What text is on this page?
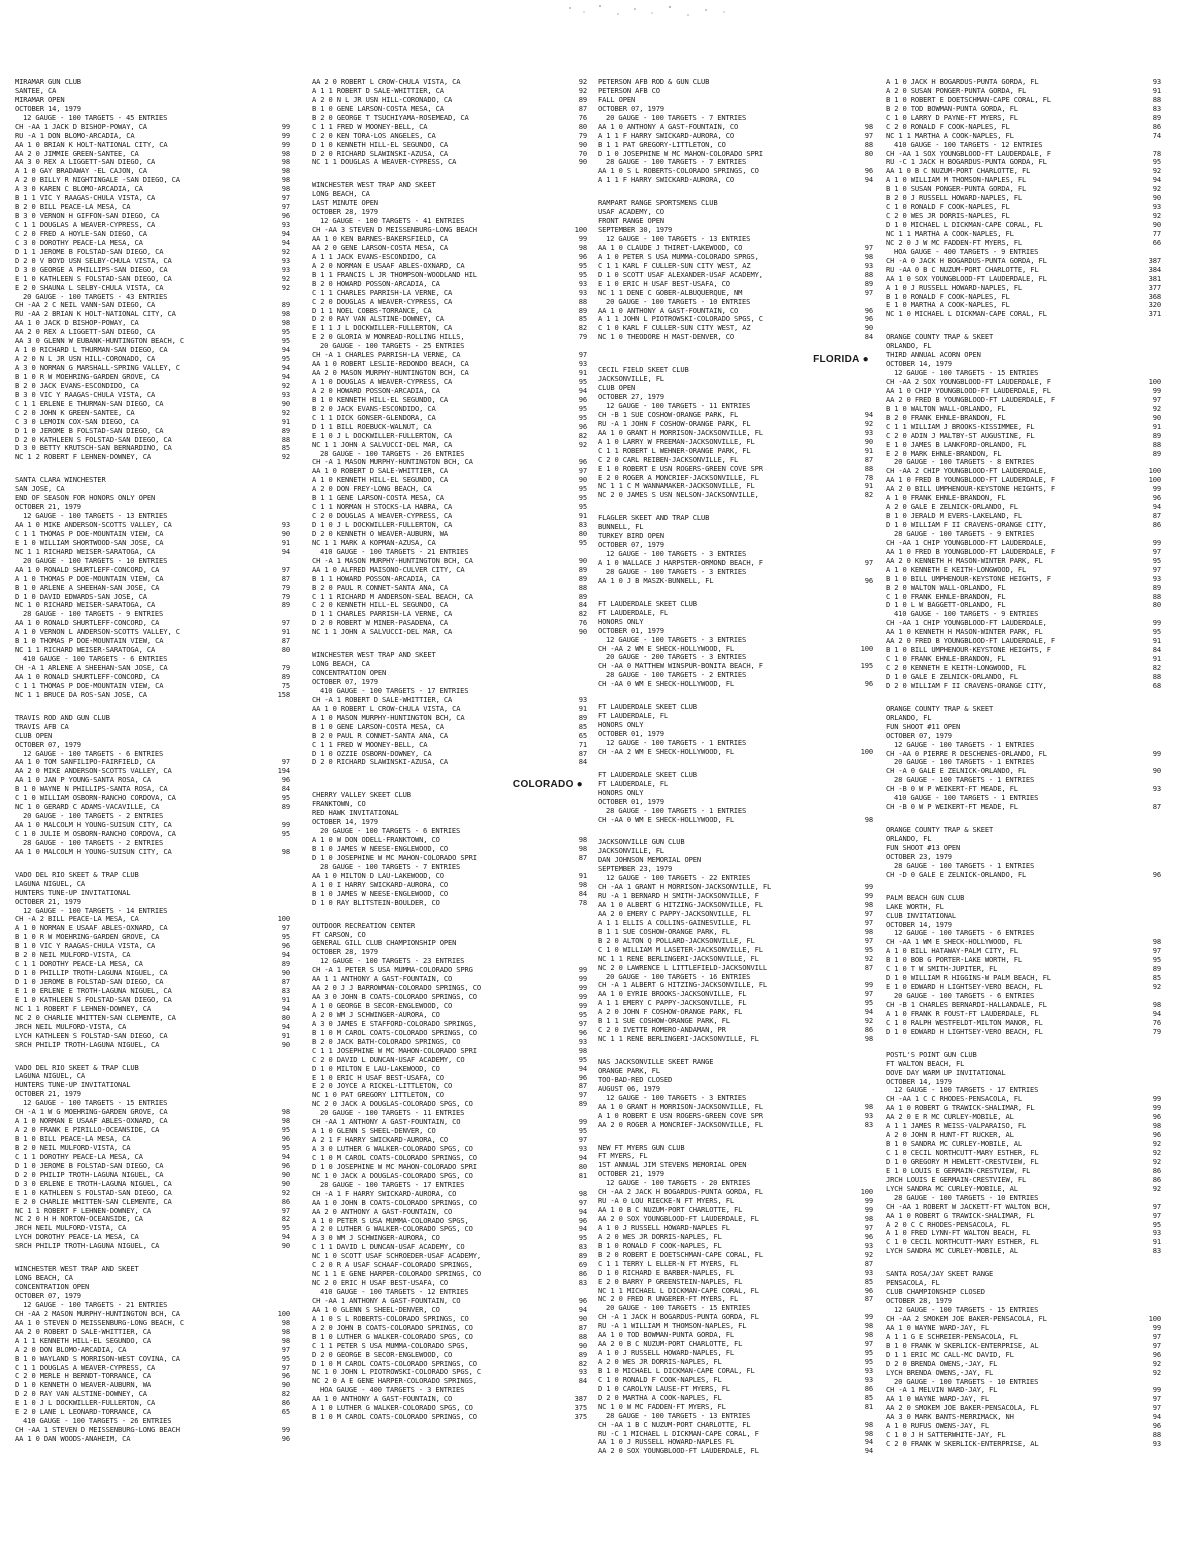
MIRAMAR GUN CLUB
SANTEE, CA
MIRAMAR OPEN
OCTOBER 14, 1979
12 GAUGE - 100 TARGETS - 45 ENTRIES
CH -AA 1 JACK D BISHOP-POWAY, CA	99
RU -A 1 DON BLOMO-ARCADIA, CA	99
AA 1 0 BRIAN K HOLT-NATIONAL CITY, CA	99
AA 2 0 JIMMIE GREEN-SANTEE, CA	98
AA 3 0 REX A LIGGETT-SAN DIEGO, CA	98
A 1 0 GAY BRADAWAY -EL CAJON, CA	98
A 2 0 BILLY R NIGHTINGALE -SAN DIEGO, CA	98
A 3 0 KAREN C BLOMO-ARCADIA, CA	98
B 1 1 VIC Y RAAGAS-CHULA VISTA, CA	97
B 2 0 BILL PEACE-LA MESA, CA	97
B 3 0 VERNON H GIFFON-SAN DIEGO, CA	96
C 1 1 DOUGLAS A WEAVER-CYPRESS, CA	93
C 2 0 FRED A HOYLE-SAN DIEGO, CA	94
C 3 0 DOROTHY PEACE-LA MESA, CA	94
D 1 1 JEROME B FOLSTAD-SAN DIEGO, CA	92
D 2 0 V BOYD USN SELBY-CHULA VISTA, CA	93
D 3 0 GEORGE A PHILLIPS-SAN DIEGO, CA	93
E 1 0 KATHLEEN S FOLSTAD-SAN DIEGO, CA	92
E 2 0 SHAUNA L SELBY-CHULA VISTA, CA	92
20 GAUGE - 100 TARGETS - 43 ENTRIES
CH -AA 2 C NEIL VANN-SAN DIEGO, CA	89
RU -AA 2 BRIAN K HOLT-NATIONAL CITY, CA	98
AA 1 0 JACK D BISHOP-POWAY, CA	98
AA 2 0 REX A LIGGETT-SAN DIEGO, CA	95
AA 3 0 GLENN W EUBANK-HUNTINGTON BEACH, C	95
A 1 0 RICHARD L THURMAN-SAN DIEGO, CA	94
A 2 0 N L JR USN HILL-CORONADO, CA	95
A 3 0 NORMAN G MARSHALL-SPRING VALLEY, C	94
B 1 0 R W MOEHRING-GARDEN GROVE, CA	94
B 2 0 JACK EVANS-ESCONDIDO, CA	92
B 3 0 VIC Y RAAGAS-CHULA VISTA, CA	93
C 1 1 ERLENE E THURMAN-SAN DIEGO, CA	90
C 2 0 JOHN K GREEN-SANTEE, CA	92
C 3 0 LEMOIN COX-SAN DIEGO, CA	91
D 1 0 JEROME B FOLSTAD-SAN DIEGO, CA	89
D 2 0 KATHLEEN S FOLSTAD-SAN DIEGO, CA	88
D 3 0 BETTY KRUTSCH-SAN BERNARDINO, CA	85
NC 1 2 ROBERT F LEHNEN-DOWNEY, CA	92
SANTA CLARA WINCHESTER
SAN JOSE, CA
END OF SEASON FOR HONORS ONLY OPEN
OCTOBER 21, 1979
12 GAUGE - 100 TARGETS - 13 ENTRIES
AA 1 0 MIKE ANDERSON-SCOTTS VALLEY, CA	93
C 1 1 THOMAS P DOE-MOUNTAIN VIEW, CA	90
E 1 0 WILLIAM SHORTWOOD-SAN JOSE, CA	91
NC 1 1 RICHARD WEISER-SARATOGA, CA	94
20 GAUGE - 100 TARGETS - 10 ENTRIES
AA 1 0 RONALD SHURTLEFF-CONCORD, CA	97
A 1 0 THOMAS P DOE-MOUNTAIN VIEW, CA	87
B 1 0 ARLENE A SHEEHAN-SAN JOSE, CA	79
D 1 0 DAVID EDWARDS-SAN JOSE, CA	79
NC 1 0 RICHARD WEISER-SARATOGA, CA	89
28 GAUGE - 100 TARGETS - 9 ENTRIES
AA 1 0 RONALD SHURTLEFF-CONCORD, CA	97
A 1 0 VERNON L ANDERSON-SCOTTS VALLEY, C	91
B 1 0 THOMAS P DOE-MOUNTAIN VIEW, CA	87
NC 1 1 RICHARD WEISER-SARATOGA, CA	80
410 GAUGE - 100 TARGETS - 6 ENTRIES
CH -A 1 ARLENE A SHEEHAN-SAN JOSE, CA	79
AA 1 0 RONALD SHURTLEFF-CONCORD, CA	89
C 1 1 THOMAS P DOE-MOUNTAIN VIEW, CA	75
NC 1 1 BRUCE DA ROS-SAN JOSE, CA	158
TRAVIS ROD AND GUN CLUB
TRAVIS AFB CA
CLUB OPEN
OCTOBER 07, 1979
12 GAUGE - 100 TARGETS - 6 ENTRIES
AA 1 0 TOM SANFILIPO-FAIRFIELD, CA	97
AA 2 0 MIKE ANDERSON-SCOTTS VALLEY, CA	194
AA 1 0 JAN P YOUNG-SANTA ROSA, CA	96
B 1 0 WAYNE N PHILLIPS-SANTA ROSA, CA	84
C 1 0 WILLIAM OSBORN-RANCHO CORDOVA, CA	95
NC 1 0 GERARD C ADAMS-VACAVILLE, CA	89
20 GAUGE - 100 TARGETS - 2 ENTRIES
AA 1 0 MALCOLM H YOUNG-SUISUN CITY, CA	99
C 1 0 JULIE M OSBORN-RANCHO CORDOVA, CA	95
28 GAUGE - 100 TARGETS - 2 ENTRIES
AA 1 0 MALCOLM H YOUNG-SUISUN CITY, CA	98
VADO DEL RIO SKEET & TRAP CLUB
LAGUNA NIGUEL, CA
HUNTERS TUNE-UP INVITATIONAL
OCTOBER 21, 1979
12 GAUGE - 100 TARGETS - 14 ENTRIES
CH -A 2 BILL PEACE-LA MESA, CA	100
A 1 0 NORMAN E USAAF ABLES-OXNARD, CA	97
B 1 0 R W MOEHRING-GARDEN GROVE, CA	95
B 1 0 VIC Y RAAGAS-CHULA VISTA, CA	96
B 2 0 NEIL MULFORD-VISTA, CA	94
C 1 1 DOROTHY PEACE-LA MESA, CA	89
D 1 0 PHILLIP TROTH-LAGUNA NIGUEL, CA	90
D 1 0 JEROME B FOLSTAD-SAN DIEGO, CA	87
E 1 0 ERLENE E TROTH-LAGUNA NIGUEL, CA	83
E 1 0 KATHLEEN S FOLSTAD-SAN DIEGO, CA	91
NC 1 1 ROBERT F LEHNEN-DOWNEY, CA	94
NC 2 0 CHARLIE WHITTEN-SAN CLEMENTE, CA	80
JRCH NEIL MULFORD-VISTA, CA	94
LYCH KATHLEEN S FOLSTAD-SAN DIEGO, CA	91
SRCH PHILIP TROTH-LAGUNA NIGUEL, CA	90
VADO DEL RIO SKEET & TRAP CLUB
LAGUNA NIGUEL, CA
HUNTERS TUNE-UP INVITATIONAL
OCTOBER 21, 1979
12 GAUGE - 100 TARGETS - 15 ENTRIES
CH -A 1 W G MOEHRING-GARDEN GROVE, CA	98
A 1 0 NORMAN E USAAF ABLES-OXNARD, CA	98
A 2 0 FRANK E PIRILLO-OCEANSIDE, CA	95
B 1 0 BILL PEACE-LA MESA, CA	96
B 2 0 NEIL MULFORD-VISTA, CA	95
C 1 1 DOROTHY PEACE-LA MESA, CA	94
D 1 0 JEROME B FOLSTAD-SAN DIEGO, CA	96
D 2 0 PHILIP TROTH-LAGUNA NIGUEL, CA	90
D 3 0 ERLENE E TROTH-LAGUNA NIGUEL, CA	90
E 1 0 KATHLEEN S FOLSTAD-SAN DIEGO, CA	92
E 2 0 CHARLIE WHITTEN-SAN CLEMENTE, CA	86
NC 1 1 ROBERT F LEHNEN-DOWNEY, CA	97
NC 2 0 H H NORTON-OCEANSIDE, CA	82
JRCH NEIL MULFORD-VISTA, CA	95
LYCH DOROTHY PEACE-LA MESA, CA	94
SRCH PHILIP TROTH-LAGUNA NIGUEL, CA	90
WINCHESTER WEST TRAP AND SKEET
LONG BEACH, CA
CONCENTRATION OPEN
OCTOBER 07, 1979
12 GAUGE - 100 TARGETS - 21 ENTRIES
CH -AA 2 MASON MURPHY-HUNTINGTON BCH, CA	100
AA 1 0 STEVEN D MEISSENBURG-LONG BEACH, C	98
AA 2 0 ROBERT D SALE-WHITTIER, CA	98
A 1 1 KENNETH HILL-EL SEGUNDO, CA	98
A 2 0 DON BLOMO-ARCADIA, CA	97
B 1 0 WAYLAND S MORRISON-WEST COVINA, CA	95
C 1 1 DOUGLAS A WEAVER-CYPRESS, CA	97
C 2 0 MERLE H BERNDT-TORRANCE, CA	96
D 1 0 KENNETH O WEAVER-AUBURN, WA	90
D 2 0 RAY VAN ALSTINE-DOWNEY, CA	82
E 1 0 J L DOCKWILLER-FULLERTON, CA	86
E 2 0 LANE L LEONARD-TORRANCE, CA	65
410 GAUGE - 100 TARGETS - 26 ENTRIES
CH -AA 1 STEVEN D MEISSENBURG-LONG BEACH	99
AA 1 0 DAN WOODS-ANAHEIM, CA	96
AA 2 0 ROBERT L CROW-CHULA VISTA, CA	92
A 1 1 ROBERT D SALE-WHITTIER, CA	92
A 2 0 N L JR USN HILL-CORONADO, CA	89
B 1 0 GENE LARSON-COSTA MESA, CA	87
B 2 0 GEORGE T TSUCHIYAMA-ROSEMEAD, CA	76
C 1 1 FRED W MOONEY-BELL, CA	80
C 2 0 KEN TORA-LOS ANGELES, CA	79
D 1 0 KENNETH HILL-EL SEGUNDO, CA	90
D 2 0 RICHARD SLAWINSKI-AZUSA, CA	70
NC 1 1 DOUGLAS A WEAVER-CYPRESS, CA	90
WINCHESTER WEST TRAP AND SKEET
LONG BEACH, CA
LAST MINUTE OPEN
OCTOBER 28, 1979
12 GAUGE - 100 TARGETS - 41 ENTRIES
CH -AA 3 STEVEN D MEISSENBURG-LONG BEACH	100
AA 1 0 KEN BARNES-BAKERSFIELD, CA	99
AA 2 0 GENE LARSON-COSTA MESA, CA	98
A 1 1 JACK EVANS-ESCONDIDO, CA	96
A 2 0 NORMAN E USAAF ABLES-OXNARD, CA	95
B 1 1 FRANCIS L JR THOMPSON-WOODLAND HIL	95
B 2 0 HOWARD POSSON-ARCADIA, CA	93
C 1 1 CHARLES PARRISH-LA VERNE, CA	93
C 2 0 DOUGLAS A WEAVER-CYPRESS, CA	88
D 1 1 NOEL COBBS-TORRANCE, CA	89
D 2 0 RAY VAN ALSTINE-DOWNEY, CA	85
E 1 1 J L DOCKWILLER-FULLERTON, CA	82
E 2 0 GLORIA W MONREAD-ROLLING HILLS,	79
20 GAUGE - 100 TARGETS - 25 ENTRIES
CH -A 1 CHARLES PARRISH-LA VERNE, CA	97
AA 1 0 ROBERT LESLIE-REDONDO BEACH, CA	93
AA 2 0 MASON MURPHY-HUNTINGTON BCH, CA	91
A 1 0 DOUGLAS A WEAVER-CYPRESS, CA	95
A 2 0 HOWARD POSSON-ARCADIA, CA	94
B 1 0 KENNETH HILL-EL SEGUNDO, CA	96
B 2 0 JACK EVANS-ESCONDIDO, CA	95
C 1 1 DICK GONSER-GLENDORA, CA	95
D 1 1 BILL ROEBUCK-WALNUT, CA	96
E 1 0 J L DOCKWILLER-FULLERTON, CA	82
NC 1 1 JOHN A SALVUCCI-DEL MAR, CA	92
28 GAUGE - 100 TARGETS - 26 ENTRIES
CH -A 1 MASON MURPHY-HUNTINGTON BCH, CA	96
AA 1 0 ROBERT D SALE-WHITTIER, CA	97
A 1 0 KENNETH HILL-EL SEGUNDO, CA	90
A 2 0 DON FREY-LONG BEACH, CA	95
B 1 1 GENE LARSON-COSTA MESA, CA	95
C 1 1 NORMAN H STOCKS-LA HABRA, CA	95
C 2 0 DOUGLAS A WEAVER-CYPRESS, CA	91
D 1 0 J L DOCKWILLER-FULLERTON, CA	83
D 2 0 KENNETH O WEAVER-AUBURN, WA	80
NC 1 1 MARK A KOPMAN-AZUSA, CA	95
410 GAUGE - 100 TARGETS - 21 ENTRIES
CH -A 1 MASON MURPHY-HUNTINGTON BCH, CA	90
AA 1 0 ALFRED MAISONO-CULVER CITY, CA	89
B 1 1 HOWARD POSSON-ARCADIA, CA	89
B 2 0 PAUL R CONNET-SANTA ANA, CA	88
C 1 1 RICHARD M ANDERSON-SEAL BEACH, CA	89
C 2 0 KENNETH HILL-EL SEGUNDO, CA	84
D 1 1 CHARLES PARRISH-LA VERNE, CA	82
D 2 0 ROBERT W MINER-PASADENA, CA	76
NC 1 1 JOHN A SALVUCCI-DEL MAR, CA	90
WINCHESTER WEST TRAP AND SKEET
LONG BEACH, CA
CONCENTRATION OPEN
OCTOBER 07, 1979
410 GAUGE - 100 TARGETS - 17 ENTRIES
CH -A 1 ROBERT D SALE-WHITTIER, CA	93
AA 1 0 ROBERT L CROW-CHULA VISTA, CA	91
A 1 0 MASON MURPHY-HUNTINGTON BCH, CA	89
B 1 0 GENE LARSON-COSTA MESA, CA	85
B 2 0 PAUL R CONNET-SANTA ANA, CA	65
C 1 1 FRED W MOONEY-BELL, CA	71
D 1 0 OZZIE OSBORN-DOWNEY, CA	87
D 2 0 RICHARD SLAWINSKI-AZUSA, CA	84
COLORADO ●
CHERRY VALLEY SKEET CLUB
FRANKTOWN, CO
RED HAWK INVITATIONAL
OCTOBER 14, 1979
20 GAUGE - 100 TARGETS - 6 ENTRIES
A 1 0 W DON ODELL-FRANKTOWN, CO	98
B 1 0 JAMES W NEESE-ENGLEWOOD, CO	98
D 1 0 JOSEPHINE W MC MAHON-COLORADO SPRI	87
28 GAUGE - 100 TARGETS - 7 ENTRIES
AA 1 0 MILTON D LAU-LAKEWOOD, CO	91
A 1 0 I HARRY SWICKARD-AURORA, CO	98
B 1 0 JAMES W NEESE-ENGLEWOOD, CO	84
D 1 0 RAY BLITSTEIN-BOULDER, CO	78
OUTDOOR RECREATION CENTER
FT CARSON, CO
GENERAL GILL CLUB CHAMPIONSHIP OPEN
OCTOBER 28, 1979
12 GAUGE - 100 TARGETS - 23 ENTRIES
CH -A 1 PETER S USA MUMMA-COLORADO SPRG	99
AA 1 1 ANTHONY A GAST-FOUNTAIN, CO	99
AA 2 0 J J BARROWMAN-COLORADO SPRINGS, CO	99
AA 3 0 JOHN B COATS-COLORADO SPRINGS, CO	99
A 1 0 GEORGE B SECOR-ENGLEWOOD, CO	99
A 2 0 WM J SCHWINGER-AURORA, CO	95
A 3 0 JAMES E STAFFORD-COLORADO SPRINGS,	97
B 1 0 M CAROL COATS-COLORADO SPRINGS, CO	96
B 2 0 JACK BATH-COLORADO SPRINGS, CO	93
C 1 1 JOSEPHINE W MC MAHON-COLORADO SPRI	98
C 2 0 DAVID L DUNCAN-USAF ACADEMY, CO	95
D 1 0 MILTON E LAU-LAKEWOOD, CO	94
E 1 0 ERIC H USAF BEST-USAFA, CO	96
E 2 0 JOYCE A RICKEL-LITTLETON, CO	87
NC 1 0 PAT GREGORY LITTLETON, CO	97
NC 2 0 JACK A DOUGLAS-COLORADO SPGS, CO	89
20 GAUGE - 100 TARGETS - 11 ENTRIES
CH -AA 1 ANTHONY A GAST-FOUNTAIN, CO	99
A 1 0 GLENN S SHEEL-DENVER, CO	95
A 2 1 F HARRY SWICKARD-AURORA, CO	97
A 3 0 LUTHER G WALKER-COLORADO SPGS, CO	93
C 1 0 M CAROL COATS-COLORADO SPRINGS, CO	94
D 1 0 JOSEPHINE W MC MAHON-COLORADO SPRI	80
NC 1 0 JACK A DOUGLAS-COLORADO SPGS, CO	81
28 GAUGE - 100 TARGETS - 17 ENTRIES
CH -A 1 F HARRY SWICKARD-AURORA, CO	98
AA 1 0 JOHN B COATS-COLORADO SPRINGS, CO	97
AA 2 0 ANTHONY A GAST-FOUNTAIN, CO	94
A 1 0 PETER S USA MUMMA-COLORADO SPGS,	96
A 2 0 LUTHER G WALKER-COLORADO SPGS, CO	94
A 3 0 WM J SCHWINGER-AURORA, CO	95
C 1 1 DAVID L DUNCAN-USAF ACADEMY, CO	83
NC 1 0 SCOTT USAF SCHROEDER-USAF ACADEMY,	89
C 2 0 R A USAF SCHAAF-COLORADO SPRINGS,	69
NC 1 1 E GENE HARPER-COLORADO SPRINGS, CO	86
NC 2 0 ERIC H USAF BEST-USAFA, CO	83
410 GAUGE - 100 TARGETS - 12 ENTRIES
CH -AA 1 ANTHONY A GAST-FOUNTAIN, CO	96
AA 1 0 GLENN S SHEEL-DENVER, CO	94
A 1 0 S L ROBERTS-COLORADO SPRINGS, CO	90
A 2 0 JOHN B COATS-COLORADO SPRINGS, CO	87
B 1 0 LUTHER G WALKER-COLORADO SPGS, CO	88
C 1 1 PETER S USA MUMMA-COLORADO SPGS,	90
D 2 0 GEORGE B SECOR-ENGLEWOOD, CO	89
D 1 0 M CAROL COATS-COLORADO SPRINGS, CO	82
NC 1 0 JOHN L PIOTROWSKI-COLORADO SPGS, C	93
NC 2 0 A E GENE HARPER-COLORADO SPRINGS,	84
HOA GAUGE - 400 TARGETS - 3 ENTRIES
AA 1 0 ANTHONY A GAST-FOUNTAIN, CO	387
A 1 0 LUTHER G WALKER-COLORADO SPGS, CO	375
B 1 0 M CAROL COATS-COLORADO SPRINGS, CO	375
PETERSON AFB ROD & GUN CLUB
PETERSON AFB CO
FALL OPEN
OCTOBER 07, 1979
20 GAUGE - 100 TARGETS - 7 ENTRIES
AA 1 0 ANTHONY A GAST-FOUNTAIN, CO	98
A 1 1 F HARRY SWICKARD-AURORA, CO	97
B 1 1 PAT GREGORY-LITTLETON, CO	88
D 1 0 JOSEPHINE W MC MAHON-COLORADO SPRI	80
28 GAUGE - 100 TARGETS - 7 ENTRIES
AA 1 0 S L ROBERTS-COLORADO SPRINGS, CO	96
A 1 1 F HARRY SWICKARD-AURORA, CO	94
RAMPART RANGE SPORTSMENS CLUB
USAF ACADEMY, CO
FRONT RANGE OPEN
SEPTEMBER 30, 1979
12 GAUGE - 100 TARGETS - 13 ENTRIES
AA 1 0 CLAUDE J THIRET-LAKEWOOD, CO	97
A 1 0 PETER S USA MUMMA-COLORADO SPRGS,	98
C 1 1 KARL F CULLER-SUN CITY WEST, AZ	93
D 1 0 SCOTT USAF ALEXANDER-USAF ACADEMY,	88
E 1 0 ERIC H USAF BEST-USAFA, CO	89
NC 1 1 DENE C GOBER-ALBUQUERQUE, NM	97
20 GAUGE - 100 TARGETS - 10 ENTRIES
AA 1 0 ANTHONY A GAST-FOUNTAIN, CO	96
A 1 1 JOHN L PIOTROWSKI-COLORADO SPGS, C	96
C 1 0 KARL F CULLER-SUN CITY WEST, AZ	90
NC 1 0 THEODORE H MAST-DENVER, CO	84
FLORIDA ●
CECIL FIELD SKEET CLUB
JACKSONVILLE, FL
CLUB OPEN
OCTOBER 27, 1979
12 GAUGE - 100 TARGETS - 11 ENTRIES
CH -B 1 SUE COSHOW-ORANGE PARK, FL	94
RU -A 1 JOHN F COSHOW-ORANGE PARK, FL	92
AA 1 0 GRANT H MORRISON-JACKSONVILLE, FL	93
A 1 0 LARRY W FREEMAN-JACKSONVILLE, FL	90
C 1 1 ROBERT L WEHNER-ORANGE PARK, FL	91
C 2 0 CARL REIBEN-JACKSONVILLE, FL	87
E 1 0 ROBERT E USN ROGERS-GREEN COVE SPR	88
E 2 0 ROGER A MONCRIEF-JACKSONVILLE, FL	78
NC 1 1 C M WANNAMAKER-JACKSONVILLE, FL	91
NC 2 0 JAMES S USN NELSON-JACKSONVILLE,	82
FLAGLER SKEET AND TRAP CLUB
BUNNELL, FL
TURKEY BIRD OPEN
OCTOBER 07, 1979
12 GAUGE - 100 TARGETS - 3 ENTRIES
A 1 0 WALLACE J HARPSTER-ORMOND BEACH, F	97
28 GAUGE - 100 TARGETS - 3 ENTRIES
AA 1 0 J B MASZK-BUNNELL, FL	96
FT LAUDERDALE SKEET CLUB
FT LAUDERDALE, FL
HONORS ONLY
OCTOBER 01, 1979
12 GAUGE - 100 TARGETS - 3 ENTRIES
CH -AA 2 WM E SHECK-HOLLYWOOD, FL	100
20 GAUGE - 200 TARGETS - 3 ENTRIES
CH -AA 0 MATTHEW WINSPUR-BONITA BEACH, F	195
28 GAUGE - 100 TARGETS - 2 ENTRIES
CH -AA 0 WM E SHECK-HOLLYWOOD, FL	96
FT LAUDERDALE SKEET CLUB
FT LAUDERDALE, FL
HONORS ONLY
OCTOBER 01, 1979
12 GAUGE - 100 TARGETS - 1 ENTRIES
CH -AA 2 WM E SHECK-HOLLYWOOD, FL	100
FT LAUDERDALE SKEET CLUB
FT LAUDERDALE, FL
HONORS ONLY
OCTOBER 01, 1979
28 GAUGE - 100 TARGETS - 1 ENTRIES
CH -AA 0 WM E SHECK-HOLLYWOOD, FL	98
JACKSONVILLE GUN CLUB
JACKSONVILLE, FL
DAN JOHNSON MEMORIAL OPEN
SEPTEMBER 23, 1979
12 GAUGE - 100 TARGETS - 22 ENTRIES
CH -AA 1 GRANT H MORRISON-JACKSONVILLE, FL	99
RU -A 1 BERNARD H SMITH-JACKSONVILLE, F	99
AA 1 0 ALBERT G HITZING-JACKSONVILLE, FL	98
AA 2 0 EMERY C PAPPY-JACKSONVILLE, FL	97
A 1 1 ELLIS A COLLINS-GAINESVILLE, FL	97
B 1 1 SUE COSHOW-ORANGE PARK, FL	98
B 2 0 ALTON Q POLLARD-JACKSONVILLE, FL	97
C 1 0 WILLIAM M LASETER-JACKSONVILLE, FL	95
NC 1 1 RENE BERLINGERI-JACKSONVILLE, FL	92
NC 2 0 LAWRENCE L LITTLEFIELD-JACKSONVILL	87
20 GAUGE - 100 TARGETS - 16 ENTRIES
CH -A 1 ALBERT G HITZING-JACKSONVILLE, FL	99
AA 1 0 EYRIE BROOKS-JACKSONVILLE, FL	97
A 1 1 EMERY C PAPPY-JACKSONVILLE, FL	95
A 2 0 JOHN F COSHOW-ORANGE PARK, FL	94
B 1 1 SUE COSHOW-ORANGE PARK, FL	92
C 2 0 IVETTE ROMERO-ANDAMAN, PR	86
NC 1 1 RENE BERLINGERI-JACKSONVILLE, FL	98
NAS JACKSONVILLE SKEET RANGE
ORANGE PARK, FL
TOO-BAD-RED CLOSED
AUGUST 06, 1979
12 GAUGE - 100 TARGETS - 3 ENTRIES
AA 1 0 GRANT H MORRISON-JACKSONVILLE, FL	98
A 1 0 ROBERT E USN ROGERS-GREEN COVE SPR	93
AA 2 0 ROGER A MONCRIEF-JACKSONVILLE, FL	83
NEW FT MYERS GUN CLUB
FT MYERS, FL
1ST ANNUAL JIM STEVENS MEMORIAL OPEN
OCTOBER 21, 1979
12 GAUGE - 100 TARGETS - 20 ENTRIES
CH -AA 2 JACK H BOGARDUS-PUNTA GORDA, FL	100
RU -A 0 LOU RIECKE-N FT MYERS, FL	99
AA 1 0 B C NUZUM-PORT CHARLOTTE, FL	99
AA 2 0 SOX YOUNGBLOOD-FT LAUDERDALE, FL	98
A 1 0 J RUSSELL HOWARD-NAPLES FL	97
A 2 0 WES JR DORRIS-NAPLES, FL	96
B 1 0 RONALD F COOK-NAPLES, FL	93
B 2 0 ROBERT E DOETSCHMAN-CAPE CORAL, FL	92
C 1 1 TERRY L ELLER-N FT MYERS, FL	87
D 1 0 RICHARD E BARBER-NAPLES, FL	93
E 2 0 BARRY P GREENSTEIN-NAPLES, FL	85
NC 1 1 MICHAEL L DICKMAN-CAPE CORAL, FL	96
NC 2 0 FRED R UNGERER-FT MYERS, FL	87
20 GAUGE - 100 TARGETS - 15 ENTRIES
CH -A 1 JACK H BOGARDUS-PUNTA GORDA, FL	99
RU -A 1 WILLIAM M THOMSON-NAPLES, FL	98
AA 1 0 TOD BOWMAN-PUNTA GORDA, FL	98
AA 2 0 B C NUZUM-PORT CHARLOTTE, FL	97
A 1 0 J RUSSELL HOWARD-NAPLES, FL	95
A 2 0 WES JR DORRIS-NAPLES, FL	95
B 1 0 MICHAEL L DICKMAN-CAPE CORAL, FL	93
C 1 0 RONALD F COOK-NAPLES, FL	93
D 1 0 CAROLYN LAUSE-FT MYERS, FL	86
D 2 0 MARTHA A COOK-NAPLES, FL	85
NC 1 0 W MC FADDEN-FT MYERS, FL	81
28 GAUGE - 100 TARGETS - 13 ENTRIES
CH -AA 1 B C NUZUM-PORT CHARLOTTE, FL	98
RU -C 1 MICHAEL L DICKMAN-CAPE CORAL, F	98
AA 1 0 J RUSSELL HOWARD-NAPLES FL	94
AA 2 0 SOX YOUNGBLOOD-FT LAUDERDALE, FL	94
A 1 0 JACK H BOGARDUS-PUNTA GORDA, FL	93
A 2 0 SUSAN PONGER-PUNTA GORDA, FL	91
B 1 0 ROBERT E DOETSCHMAN-CAPE CORAL, FL	88
B 2 0 TOD BOWMAN-PUNTA GORDA, FL	83
C 1 0 LARRY D PAYNE-FT MYERS, FL	89
C 2 0 RONALD F COOK-NAPLES, FL	86
NC 1 1 MARTHA A COOK-NAPLES, FL	74
410 GAUGE - 100 TARGETS - 12 ENTRIES
CH -AA 1 SOX YOUNGBLOOD-FT LAUDERDALE, F	78
RU -C 1 JACK H BOGARDUS-PUNTA GORDA, FL	95
AA 1 0 B C NUZUM-PORT CHARLOTTE, FL	92
A 1 0 WILLIAM M THOMSON-NAPLES, FL	94
B 1 0 SUSAN PONGER-PUNTA GORDA, FL	92
B 2 0 J RUSSELL HOWARD-NAPLES, FL	90
C 1 0 RONALD F COOK-NAPLES, FL	93
C 2 0 WES JR DORRIS-NAPLES, FL	92
D 1 0 MICHAEL L DICKMAN-CAPE CORAL, FL	90
NC 1 1 MARTHA A COOK-NAPLES, FL	77
NC 2 0 J W MC FADDEN-FT MYERS, FL	66
HOA GAUGE - 400 TARGETS - 9 ENTRIES
CH -A 0 JACK H BOGARDUS-PUNTA GORDA, FL	387
RU -AA 0 B C NUZUM-PORT CHARLOTTE, FL	384
AA 1 0 SOX YOUNGBLOOD-FT LAUDERDALE, FL	381
A 1 0 J RUSSELL HOWARD-NAPLES, FL	377
B 1 0 RONALD F COOK-NAPLES, FL	368
E 1 0 MARTHA A COOK-NAPLES, FL	320
NC 1 0 MICHAEL L DICKMAN-CAPE CORAL, FL	371
ORANGE COUNTY TRAP & SKEET
ORLANDO, FL
THIRD ANNUAL ACORN OPEN
OCTOBER 14, 1979
12 GAUGE - 100 TARGETS - 15 ENTRIES
CH -AA 2 SOX YOUNGBLOOD-FT LAUDERDALE, F	100
AA 1 0 CHIP YOUNGBLOOD-FT LAUDERDALE, FL	99
AA 2 0 FRED B YOUNGBLOOD-FT LAUDERDALE, F	97
B 1 0 WALTON WALL-ORLANDO, FL	92
B 2 0 FRANK EHNLE-BRANDON, FL	90
C 1 1 WILLIAM J BROOKS-KISSIMMEE, FL	91
C 2 0 ADIN J MALTBY-ST AUGUSTINE, FL	89
E 1 0 JAMES B LANKFORD-ORLANDO, FL	88
E 2 0 MARK EHNLE-BRANDON, FL	89
20 GAUGE - 100 TARGETS - 8 ENTRIES
CH -AA 2 CHIP YOUNGBLOOD-FT LAUDERDALE,	100
AA 1 0 FRED B YOUNGBLOOD-FT LAUDERDALE, F	100
AA 2 0 BILL UMPHENOUR-KEYSTONE HEIGHTS, F	99
A 1 0 FRANK EHNLE-BRANDON, FL	96
A 2 0 GALE E ZELNICK-ORLANDO, FL	94
B 1 0 JERALD M EVERS-LAKELAND, FL	87
D 1 0 WILLIAM F II CRAVENS-ORANGE CITY,	86
28 GAUGE - 100 TARGETS - 9 ENTRIES
CH -AA 1 CHIP YOUNGBLOOD-FT LAUDERDALE,	99
AA 1 0 FRED B YOUNGBLOOD-FT LAUDERDALE, F	97
AA 2 0 KENNETH H MASON-WINTER PARK, FL	95
A 1 0 KENNETH E KEITH-LONGWOOD, FL	97
B 1 0 BILL UMPHENOUR-KEYSTONE HEIGHTS, F	93
B 2 0 WALTON WALL-ORLANDO, FL	89
C 1 0 FRANK EHNLE-BRANDON, FL	88
D 1 0 L W BAGGETT-ORLANDO, FL	80
410 GAUGE - 100 TARGETS - 9 ENTRIES
CH -AA 1 CHIP YOUNGBLOOD-FT LAUDERDALE,	99
AA 1 0 KENNETH H MASON-WINTER PARK, FL	95
AA 2 0 FRED B YOUNGBLOOD-FT LAUDERDALE, F	91
B 1 0 BILL UMPHENOUR-KEYSTONE HEIGHTS, F	84
C 1 0 FRANK EHNLE-BRANDON, FL	91
C 2 0 KENNETH E KEITH-LONGWOOD, FL	82
D 1 0 GALE E ZELNICK-ORLANDO, FL	88
D 2 0 WILLIAM F II CRAVENS-ORANGE CITY,	68
ORANGE COUNTY TRAP & SKEET
ORLANDO, FL
FUN SHOOT #11 OPEN
OCTOBER 07, 1979
12 GAUGE - 100 TARGETS - 1 ENTRIES
CH -AA 0 PIERRE R DESCHENES-ORLANDO, FL	99
20 GAUGE - 100 TARGETS - 1 ENTRIES
CH -A 0 GALE E ZELNICK-ORLANDO, FL	90
28 GAUGE - 100 TARGETS - 1 ENTRIES
CH -B 0 W P WEIKERT-FT MEADE, FL	93
410 GAUGE - 100 TARGETS - 1 ENTRIES
CH -B 0 W P WEIKERT-FT MEADE, FL	87
ORANGE COUNTY TRAP & SKEET
ORLANDO, FL
FUN SHOOT #13 OPEN
OCTOBER 23, 1979
28 GAUGE - 100 TARGETS - 1 ENTRIES
CH -D 0 GALE E ZELNICK-ORLANDO, FL	96
PALM BEACH GUN CLUB
LAKE WORTH, FL
CLUB INVITATIONAL
OCTOBER 14, 1979
12 GAUGE - 100 TARGETS - 6 ENTRIES
CH -AA 1 WM E SHECK-HOLLYWOOD, FL	98
A 1 0 BILL HATAWAY-PALM CITY, FL	97
B 1 0 BOB G PORTER-LAKE WORTH, FL	95
C 1 0 T W SMITH-JUPITER, FL	89
D 1 0 WILLIAM R HIGGINS-W PALM BEACH, FL	85
E 1 0 EDWARD H LIGHTSEY-VERO BEACH, FL	92
20 GAUGE - 100 TARGETS - 6 ENTRIES
CH -B 1 CHARLES BERNARDI-HALLANDALE, FL	98
A 1 0 FRANK R FOUST-FT LAUDERDALE, FL	94
C 1 0 RALPH WESTFELDT-MILTON MANOR, FL	76
D 1 0 EDWARD H LIGHTSEY-VERO BEACH, FL	79
POSTL'S POINT GUN CLUB
FT WALTON BEACH, FL
DOVE DAY WARM UP INVITATIONAL
OCTOBER 14, 1979
12 GAUGE - 100 TARGETS - 17 ENTRIES
CH -AA 1 C C RHODES-PENSACOLA, FL	99
AA 1 0 ROBERT G TRAWICK-SHALIMAR, FL	99
AA 2 0 E R MC CURLEY-MOBILE, AL	96
A 1 1 JAMES R WEISS-VALPARAISO, FL	98
A 2 0 JOHN R HUNT-FT RUCKER, AL	96
B 1 0 SANDRA MC CURLEY-MOBILE, AL	92
C 1 0 CECIL NORTHCUTT-MARY ESTHER, FL	92
D 1 0 GREGORY M HEWLETT-CRESTVIEW, FL	92
E 1 0 LOUIS E GERMAIN-CRESTVIEW, FL	86
JRCH LOUIS E GERMAIN-CRESTVIEW, FL	86
LYCH SANDRA MC CURLEY-MOBILE, AL	92
28 GAUGE - 100 TARGETS - 10 ENTRIES
CH -AA 1 ROBERT W JACKETT-FT WALTON BCH,	97
AA 1 0 ROBERT G TRAWICK-SHALIMAR, FL	97
A 2 0 C C RHODES-PENSACOLA, FL	95
A 1 0 FRED LYNN-FT WALTON BEACH, FL	93
C 1 0 CECIL NORTHCUTT-MARY ESTHER, FL	91
LYCH SANDRA MC CURLEY-MOBILE, AL	83
SANTA ROSA/JAY SKEET RANGE
PENSACOLA, FL
CLUB CHAMPIONSHIP CLOSED
OCTOBER 28, 1979
12 GAUGE - 100 TARGETS - 15 ENTRIES
CH -AA 2 SMOKEM JOE BAKER-PENSACOLA, FL	100
AA 1 0 WAYNE WARD-JAY, FL	99
A 1 1 G E SCHREIER-PENSACOLA, FL	97
B 1 0 FRANK W SKERLICK-ENTERPRISE, AL	97
D 1 1 ERIC MC CALL-MC DAVID, FL	96
D 2 0 BRENDA OWENS,-JAY, FL	92
LYCH BRENDA OWENS,-JAY, FL	92
20 GAUGE - 100 TARGETS - 10 ENTRIES
CH -A 1 MELVIN WARD-JAY, FL	99
AA 1 0 WAYNE WARD-JAY, FL	97
AA 2 0 SMOKEM JOE BAKER-PENSACOLA, FL	97
AA 3 0 MARK BANTS-MERRIMACK, NH	94
A 1 0 RUFUS OWENS-JAY, FL	96
C 1 0 J H SATTERWHITE-JAY, FL	88
C 2 0 FRANK W SKERLICK-ENTERPRISE, AL	93
